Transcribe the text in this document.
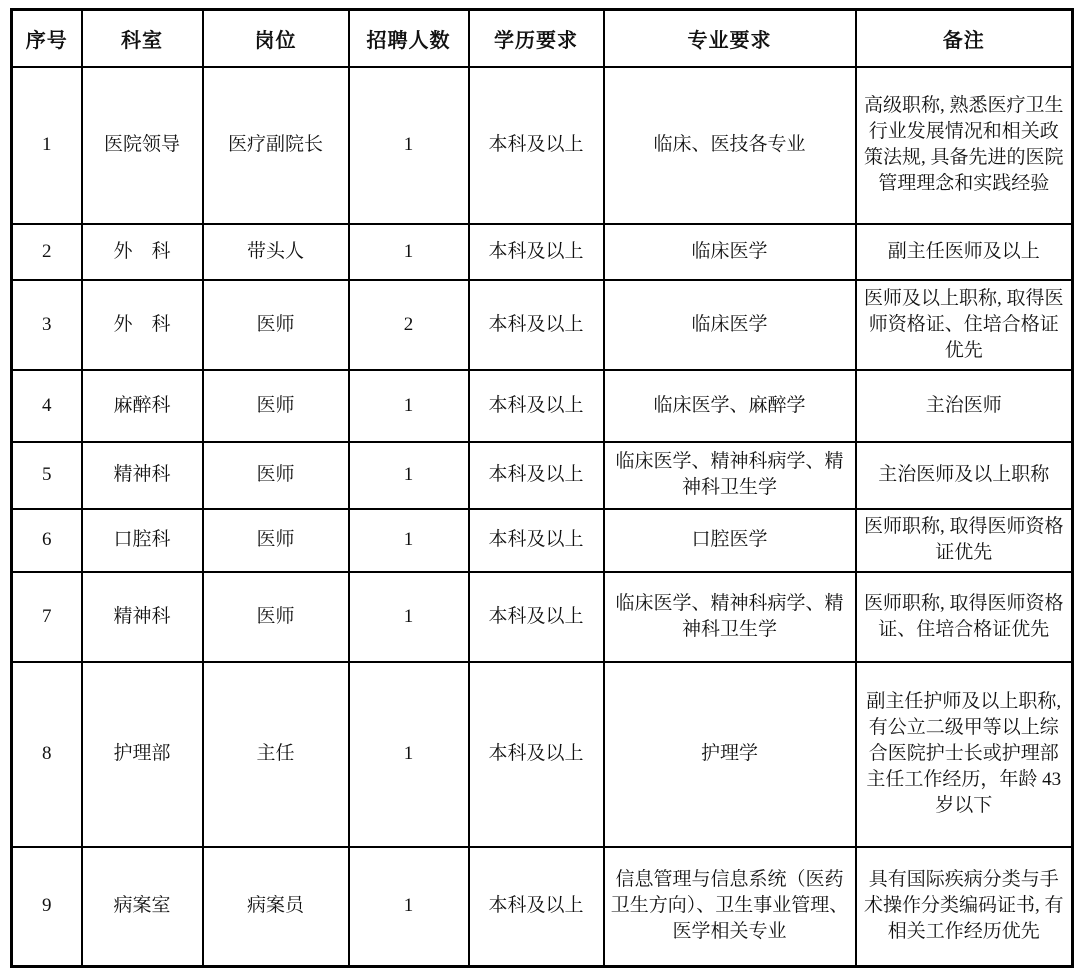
序号	科室	岗位	招聘人数	学历要求	专业要求	备注
1	医院领导	医疗副院长	1	本科及以上	临床、医技各专业	高级职称, 熟悉医疗卫生行业发展情况和相关政策法规, 具备先进的医院管理理念和实践经验
2	外　科	带头人	1	本科及以上	临床医学	副主任医师及以上
3	外　科	医师	2	本科及以上	临床医学	医师及以上职称, 取得医师资格证、住培合格证优先
4	麻醉科	医师	1	本科及以上	临床医学、麻醉学	主治医师
5	精神科	医师	1	本科及以上	临床医学、精神科病学、精神科卫生学	主治医师及以上职称
6	口腔科	医师	1	本科及以上	口腔医学	医师职称, 取得医师资格证优先
7	精神科	医师	1	本科及以上	临床医学、精神科病学、精神科卫生学	医师职称, 取得医师资格证、住培合格证优先
8	护理部	主任	1	本科及以上	护理学	副主任护师及以上职称, 有公立二级甲等以上综合医院护士长或护理部主任工作经历，年龄 43 岁以下
9	病案室	病案员	1	本科及以上	信息管理与信息系统（医药卫生方向）、卫生事业管理、医学相关专业	具有国际疾病分类与手术操作分类编码证书, 有相关工作经历优先
